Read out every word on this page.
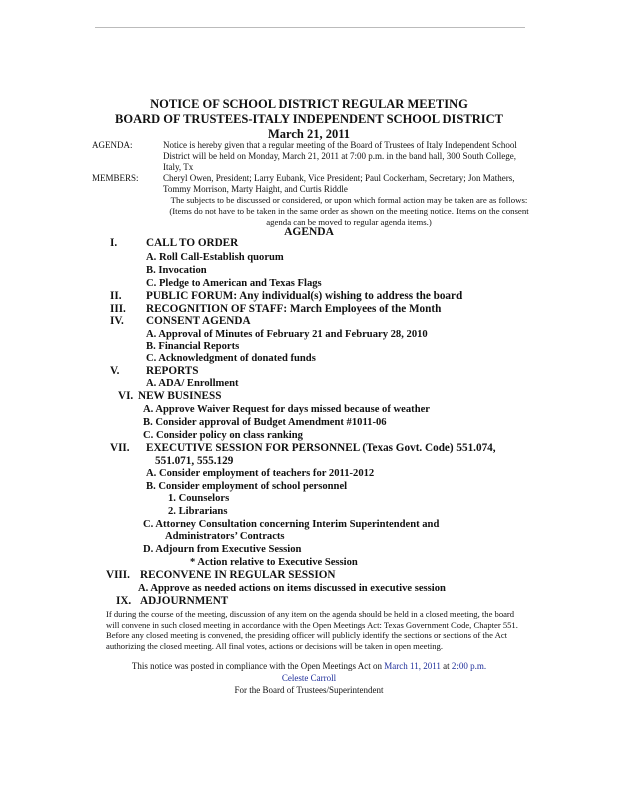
NOTICE OF SCHOOL DISTRICT REGULAR MEETING
BOARD OF TRUSTEES-ITALY INDEPENDENT SCHOOL DISTRICT
March 21, 2011
AGENDA:	Notice is hereby given that a regular meeting of the Board of Trustees of Italy Independent School District will be held on Monday, March 21, 2011 at 7:00 p.m. in the band hall, 300 South College, Italy, Tx
MEMBERS:	Cheryl Owen, President; Larry Eubank, Vice President; Paul Cockerham, Secretary; Jon Mathers, Tommy Morrison, Marty Haight, and Curtis Riddle
The subjects to be discussed or considered, or upon which formal action may be taken are as follows: (Items do not have to be taken in the same order as shown on the meeting notice. Items on the consent agenda can be moved to regular agenda items.)
AGENDA
I.	CALL TO ORDER
A. Roll Call-Establish quorum
B. Invocation
C. Pledge to American and Texas Flags
II. PUBLIC FORUM: Any individual(s) wishing to address the board
III. RECOGNITION OF STAFF: March Employees of the Month
IV. CONSENT AGENDA
A. Approval of Minutes of February 21 and February 28, 2010
B. Financial Reports
C. Acknowledgment of donated funds
V. REPORTS
A. ADA/ Enrollment
VI. NEW BUSINESS
A. Approve Waiver Request for days missed because of weather
B. Consider approval of Budget Amendment #1011-06
C. Consider policy on class ranking
VII. EXECUTIVE SESSION FOR PERSONNEL (Texas Govt. Code) 551.074,
551.071, 555.129
A. Consider employment of teachers for 2011-2012
B. Consider employment of school personnel
1. Counselors
2. Librarians
C. Attorney Consultation concerning Interim Superintendent and
Administrators’ Contracts
D. Adjourn from Executive Session
* Action relative to Executive Session
VIII. RECONVENE IN REGULAR SESSION
A. Approve as needed actions on items discussed in executive session
IX. ADJOURNMENT
If during the course of the meeting, discussion of any item on the agenda should be held in a closed meeting, the board will convene in such closed meeting in accordance with the Open Meetings Act: Texas Government Code, Chapter 551. Before any closed meeting is convened, the presiding officer will publicly identify the sections or sections of the Act authorizing the closed meeting. All final votes, actions or decisions will be taken in open meeting.
This notice was posted in compliance with the Open Meetings Act on March 11, 2011 at 2:00 p.m.
Celeste Carroll
For the Board of Trustees/Superintendent
